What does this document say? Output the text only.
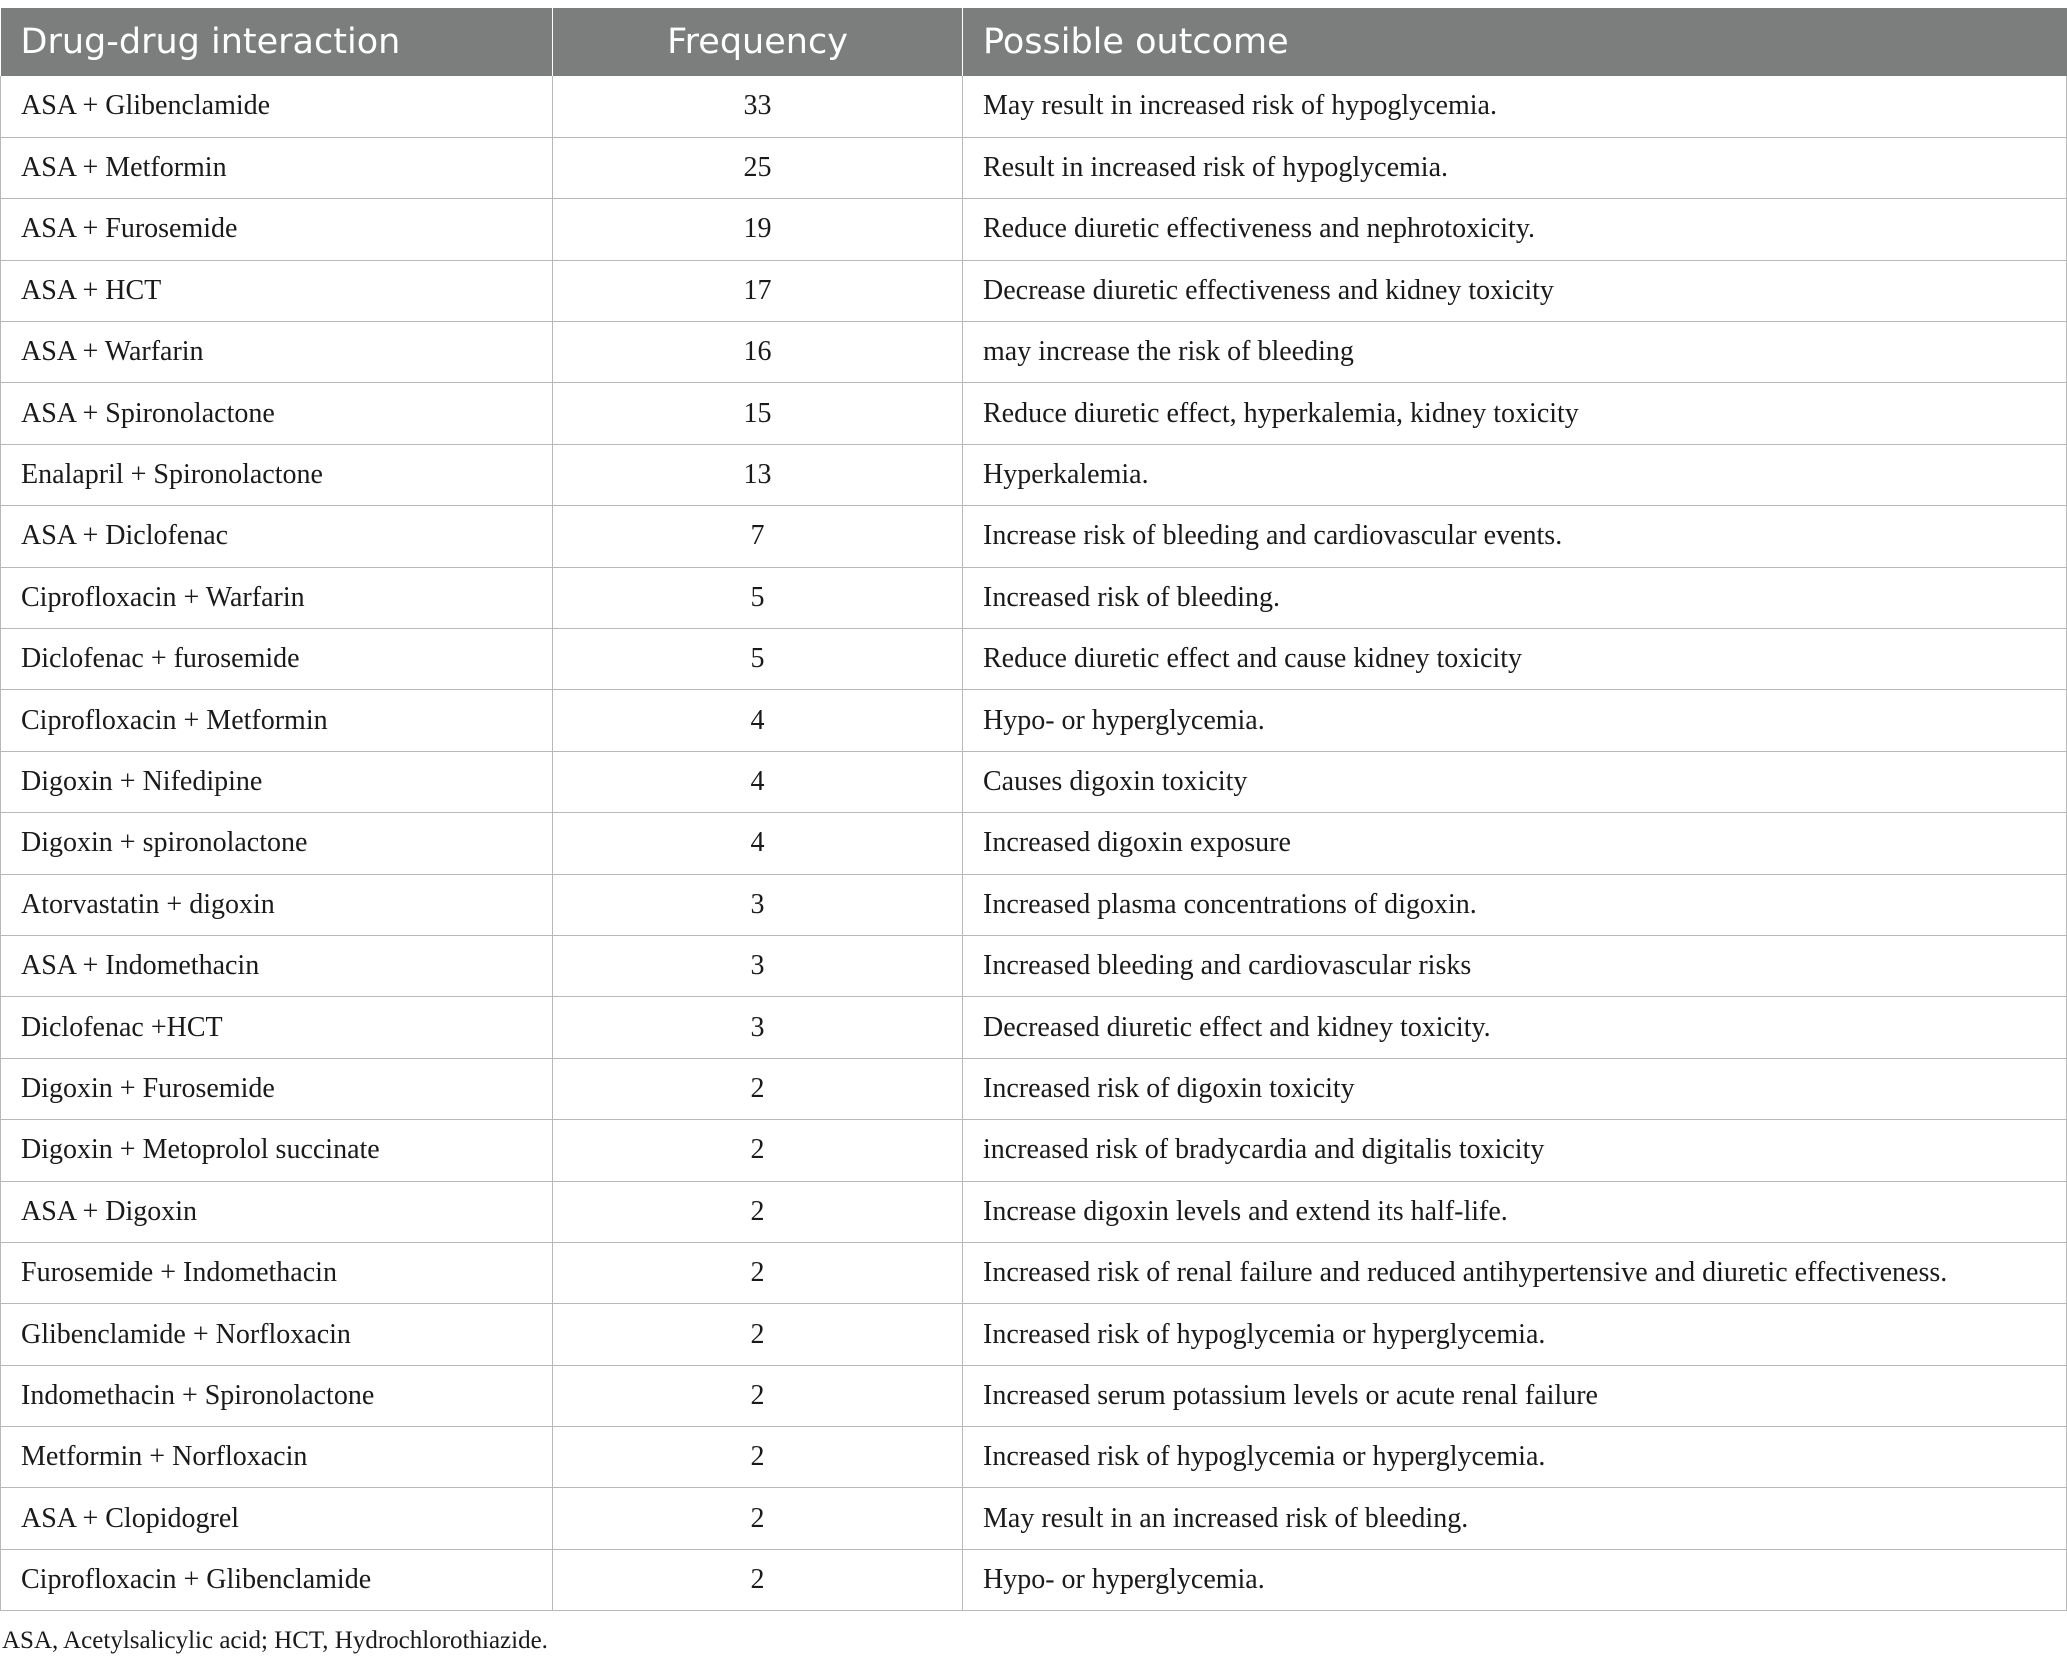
Drug-drug interaction	Frequency	Possible outcome
ASA + Glibenclamide	33	May result in increased risk of hypoglycemia.
ASA + Metformin	25	Result in increased risk of hypoglycemia.
ASA + Furosemide	19	Reduce diuretic effectiveness and nephrotoxicity.
ASA + HCT	17	Decrease diuretic effectiveness and kidney toxicity
ASA + Warfarin	16	may increase the risk of bleeding
ASA + Spironolactone	15	Reduce diuretic effect, hyperkalemia, kidney toxicity
Enalapril + Spironolactone	13	Hyperkalemia.
ASA + Diclofenac	7	Increase risk of bleeding and cardiovascular events.
Ciprofloxacin + Warfarin	5	Increased risk of bleeding.
Diclofenac + furosemide	5	Reduce diuretic effect and cause kidney toxicity
Ciprofloxacin + Metformin	4	Hypo- or hyperglycemia.
Digoxin + Nifedipine	4	Causes digoxin toxicity
Digoxin + spironolactone	4	Increased digoxin exposure
Atorvastatin + digoxin	3	Increased plasma concentrations of digoxin.
ASA + Indomethacin	3	Increased bleeding and cardiovascular risks
Diclofenac +HCT	3	Decreased diuretic effect and kidney toxicity.
Digoxin + Furosemide	2	Increased risk of digoxin toxicity
Digoxin + Metoprolol succinate	2	increased risk of bradycardia and digitalis toxicity
ASA + Digoxin	2	Increase digoxin levels and extend its half-life.
Furosemide + Indomethacin	2	Increased risk of renal failure and reduced antihypertensive and diuretic effectiveness.
Glibenclamide + Norfloxacin	2	Increased risk of hypoglycemia or hyperglycemia.
Indomethacin + Spironolactone	2	Increased serum potassium levels or acute renal failure
Metformin + Norfloxacin	2	Increased risk of hypoglycemia or hyperglycemia.
ASA + Clopidogrel	2	May result in an increased risk of bleeding.
Ciprofloxacin + Glibenclamide	2	Hypo- or hyperglycemia.
ASA, Acetylsalicylic acid; HCT, Hydrochlorothiazide.
